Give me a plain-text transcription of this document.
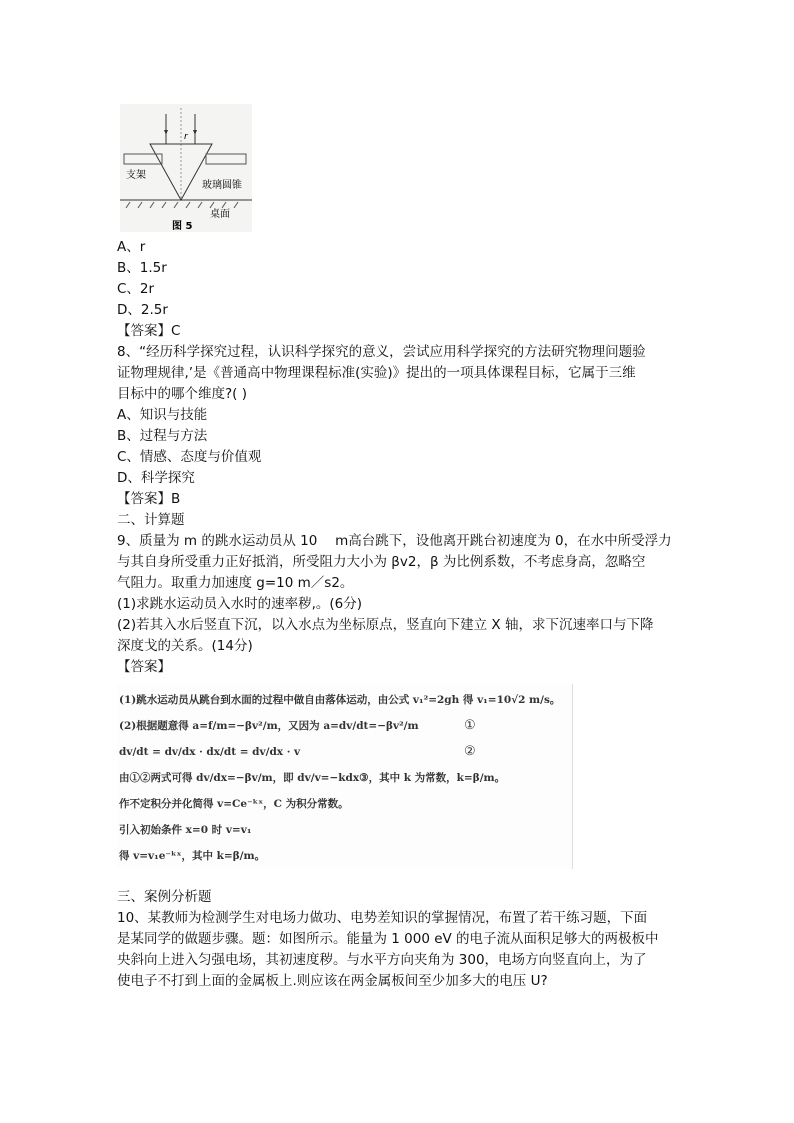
r
支架
玻璃圆锥
桌面
图 5
A、r
B、1.5r
C、2r
D、2.5r
【答案】C
8、“经历科学探究过程，认识科学探究的意义，尝试应用科学探究的方法研究物理问题验
证物理规律,’是《普通高中物理课程标准(实验)》提出的一项具体课程目标，它属于三维
目标中的哪个维度?( )
A、知识与技能
B、过程与方法
C、情感、态度与价值观
D、科学探究
【答案】B
二、计算题
9、质量为 m 的跳水运动员从 10　 m高台跳下，设他离开跳台初速度为 0，在水中所受浮力
与其自身所受重力正好抵消，所受阻力大小为 βv2，β 为比例系数，不考虑身高，忽略空
气阻力。取重力加速度 g=10 m／s2。
(1)求跳水运动员入水时的速率秽,。(6分)
(2)若其入水后竖直下沉，以入水点为坐标原点，竖直向下建立 X 轴，求下沉速率口与下降
深度戈的关系。(14分)
【答案】
(1)跳水运动员从跳台到水面的过程中做自由落体运动，由公式 v₁²=2gh 得 v₁=10√2 m/s。
(2)根据题意得 a=f/m=−βv²/m，又因为 a=dv/dt=−βv²/m	①
dv/dt = dv/dx · dx/dt = dv/dx · v	②
由①②两式可得 dv/dx=−βv/m，即 dv/v=−kdx③，其中 k 为常数，k=β/m。
作不定积分并化简得 v=Ce⁻ᵏˣ，C 为积分常数。
引入初始条件 x=0 时 v=v₁
得 v=v₁e⁻ᵏˣ，其中 k=β/m。
三、案例分析题
10、某教师为检测学生对电场力做功、电势差知识的掌握情况，布置了若干练习题，下面
是某同学的做题步骤。题：如图所示。能量为 1 000 eV 的电子流从面积足够大的两极板中
央斜向上进入匀强电场，其初速度秽。与水平方向夹角为 300，电场方向竖直向上，为了
使电子不打到上面的金属板上.则应该在两金属板间至少加多大的电压 U?
